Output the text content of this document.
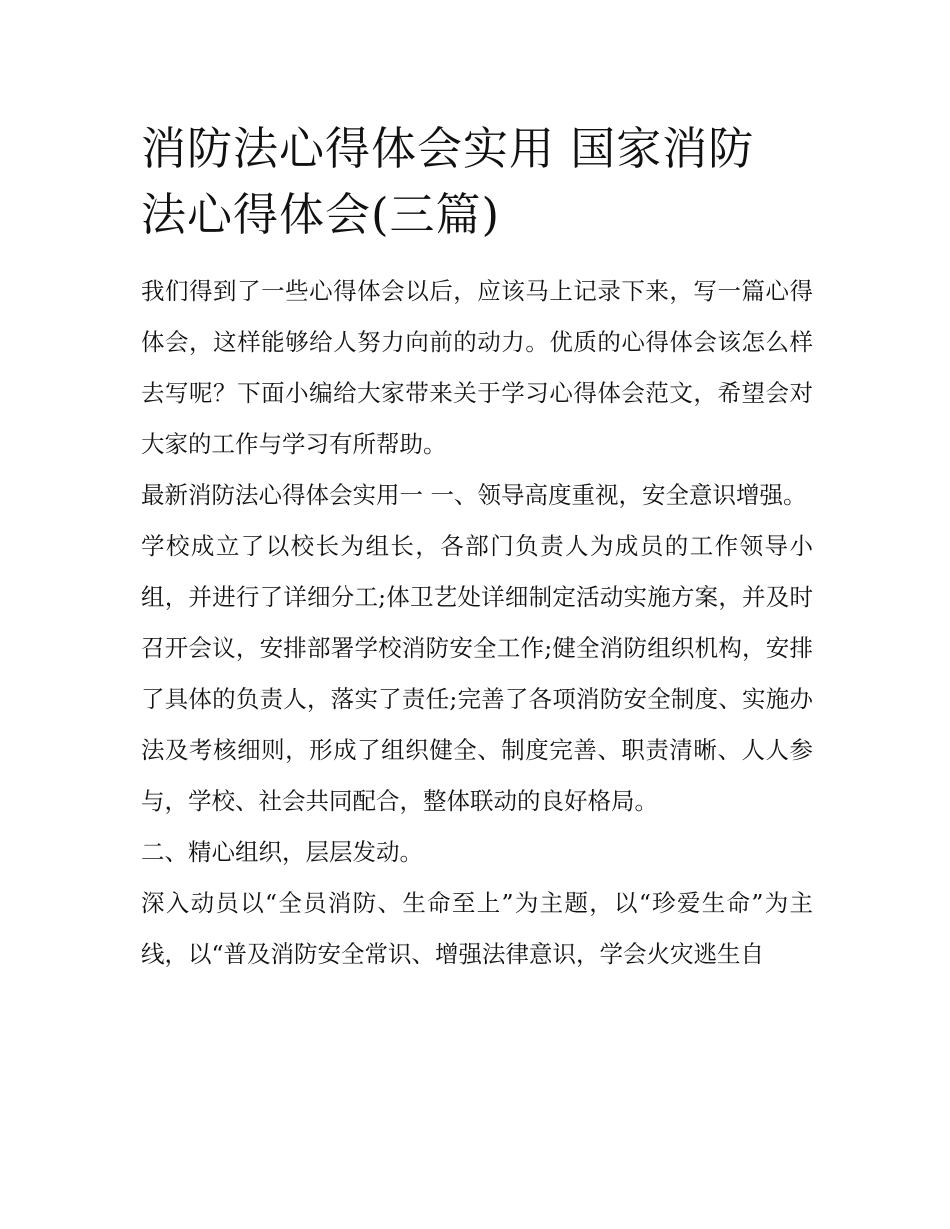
消防法心得体会实用 国家消防
法心得体会(三篇)

我们得到了一些心得体会以后，应该马上记录下来，写一篇心得体会，这样能够给人努力向前的动力。优质的心得体会该怎么样去写呢？下面小编给大家带来关于学习心得体会范文，希望会对大家的工作与学习有所帮助。

最新消防法心得体会实用一 一、领导高度重视，安全意识增强。

学校成立了以校长为组长，各部门负责人为成员的工作领导小组，并进行了详细分工;体卫艺处详细制定活动实施方案，并及时召开会议，安排部署学校消防安全工作;健全消防组织机构，安排了具体的负责人，落实了责任;完善了各项消防安全制度、实施办法及考核细则，形成了组织健全、制度完善、职责清晰、人人参与，学校、社会共同配合，整体联动的良好格局。

二、精心组织，层层发动。

深入动员以“全员消防、生命至上”为主题，以“珍爱生命”为主线，以“普及消防安全常识、增强法律意识，学会火灾逃生自
